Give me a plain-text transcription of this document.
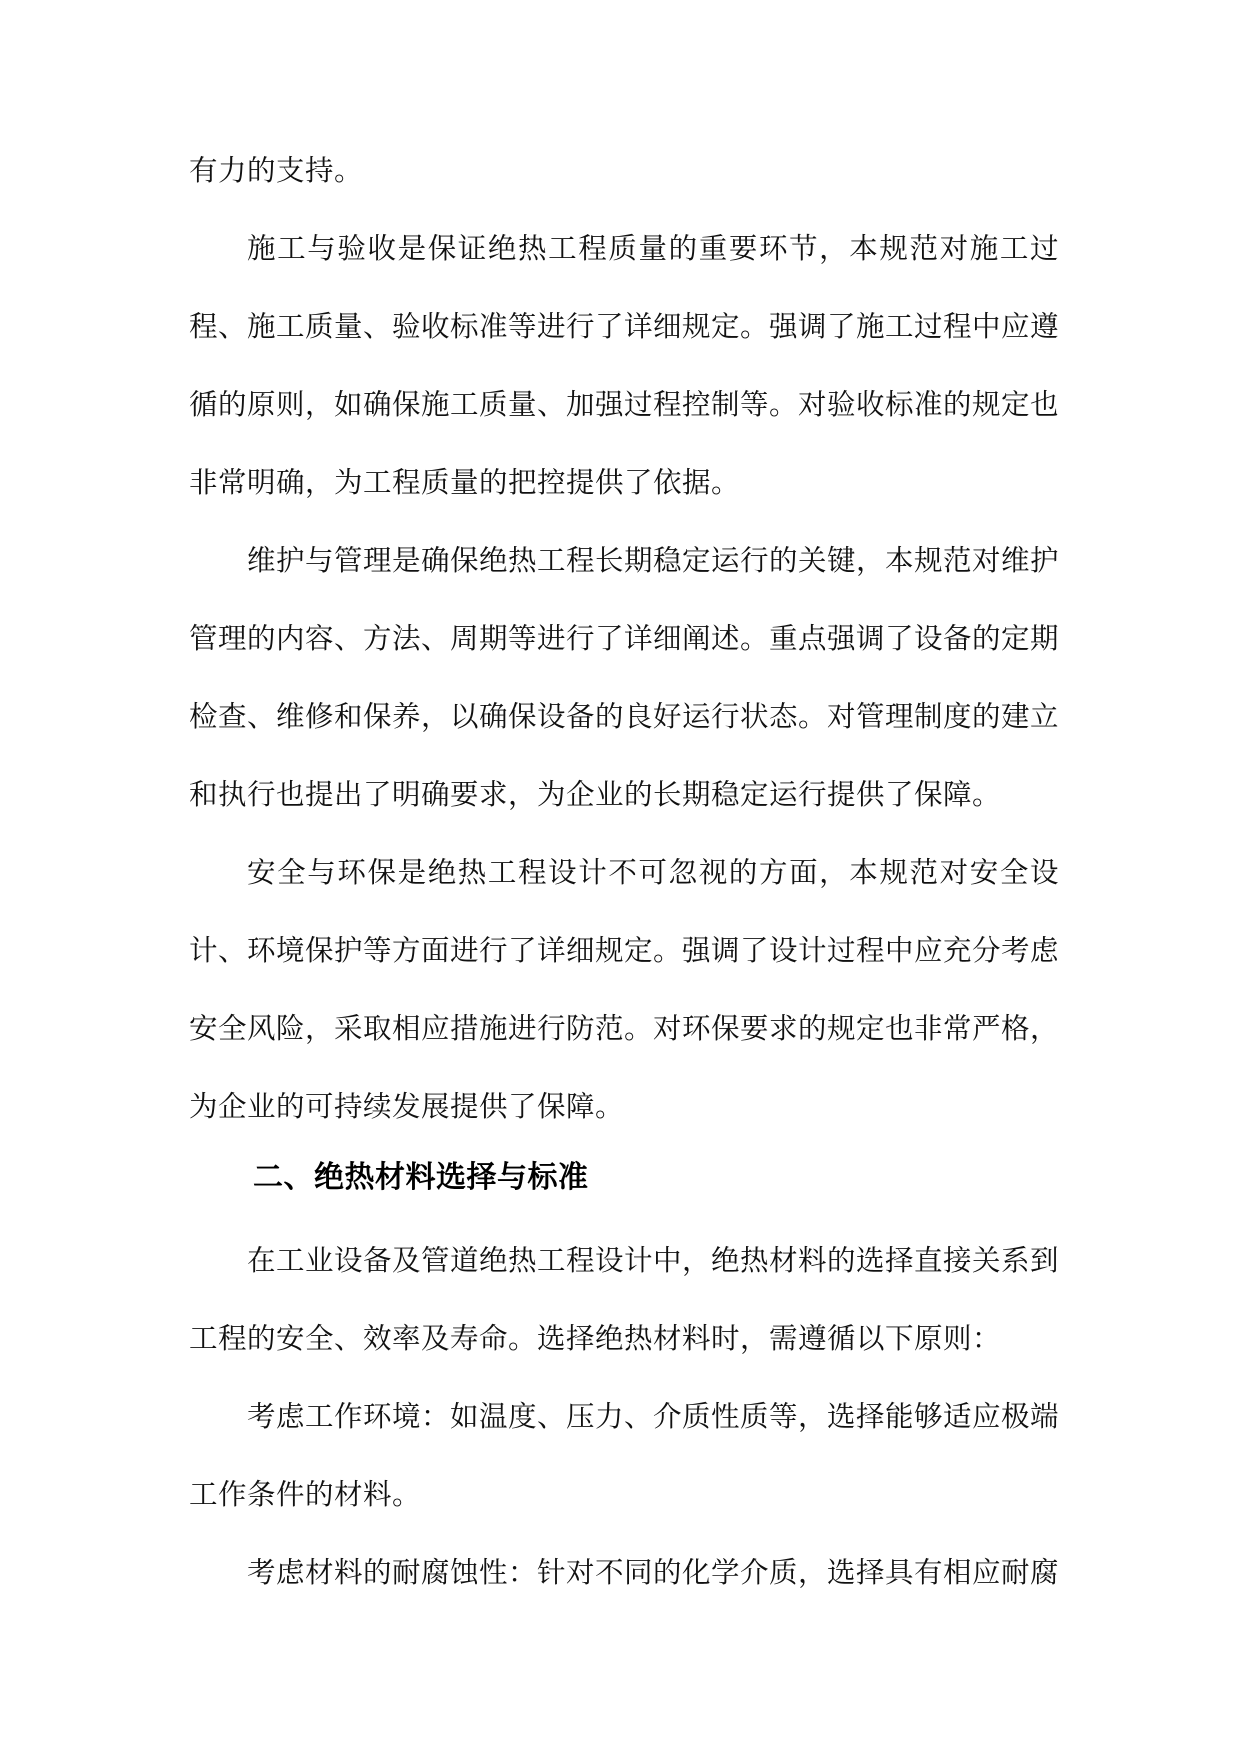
有力的支持。

施工与验收是保证绝热工程质量的重要环节，本规范对施工过程、施工质量、验收标准等进行了详细规定。强调了施工过程中应遵循的原则，如确保施工质量、加强过程控制等。对验收标准的规定也非常明确，为工程质量的把控提供了依据。

维护与管理是确保绝热工程长期稳定运行的关键，本规范对维护管理的内容、方法、周期等进行了详细阐述。重点强调了设备的定期检查、维修和保养，以确保设备的良好运行状态。对管理制度的建立和执行也提出了明确要求，为企业的长期稳定运行提供了保障。

安全与环保是绝热工程设计不可忽视的方面，本规范对安全设计、环境保护等方面进行了详细规定。强调了设计过程中应充分考虑安全风险，采取相应措施进行防范。对环保要求的规定也非常严格，为企业的可持续发展提供了保障。

二、绝热材料选择与标准

在工业设备及管道绝热工程设计中，绝热材料的选择直接关系到工程的安全、效率及寿命。选择绝热材料时，需遵循以下原则：

考虑工作环境：如温度、压力、介质性质等，选择能够适应极端工作条件的材料。

考虑材料的耐腐蚀性：针对不同的化学介质，选择具有相应耐腐
